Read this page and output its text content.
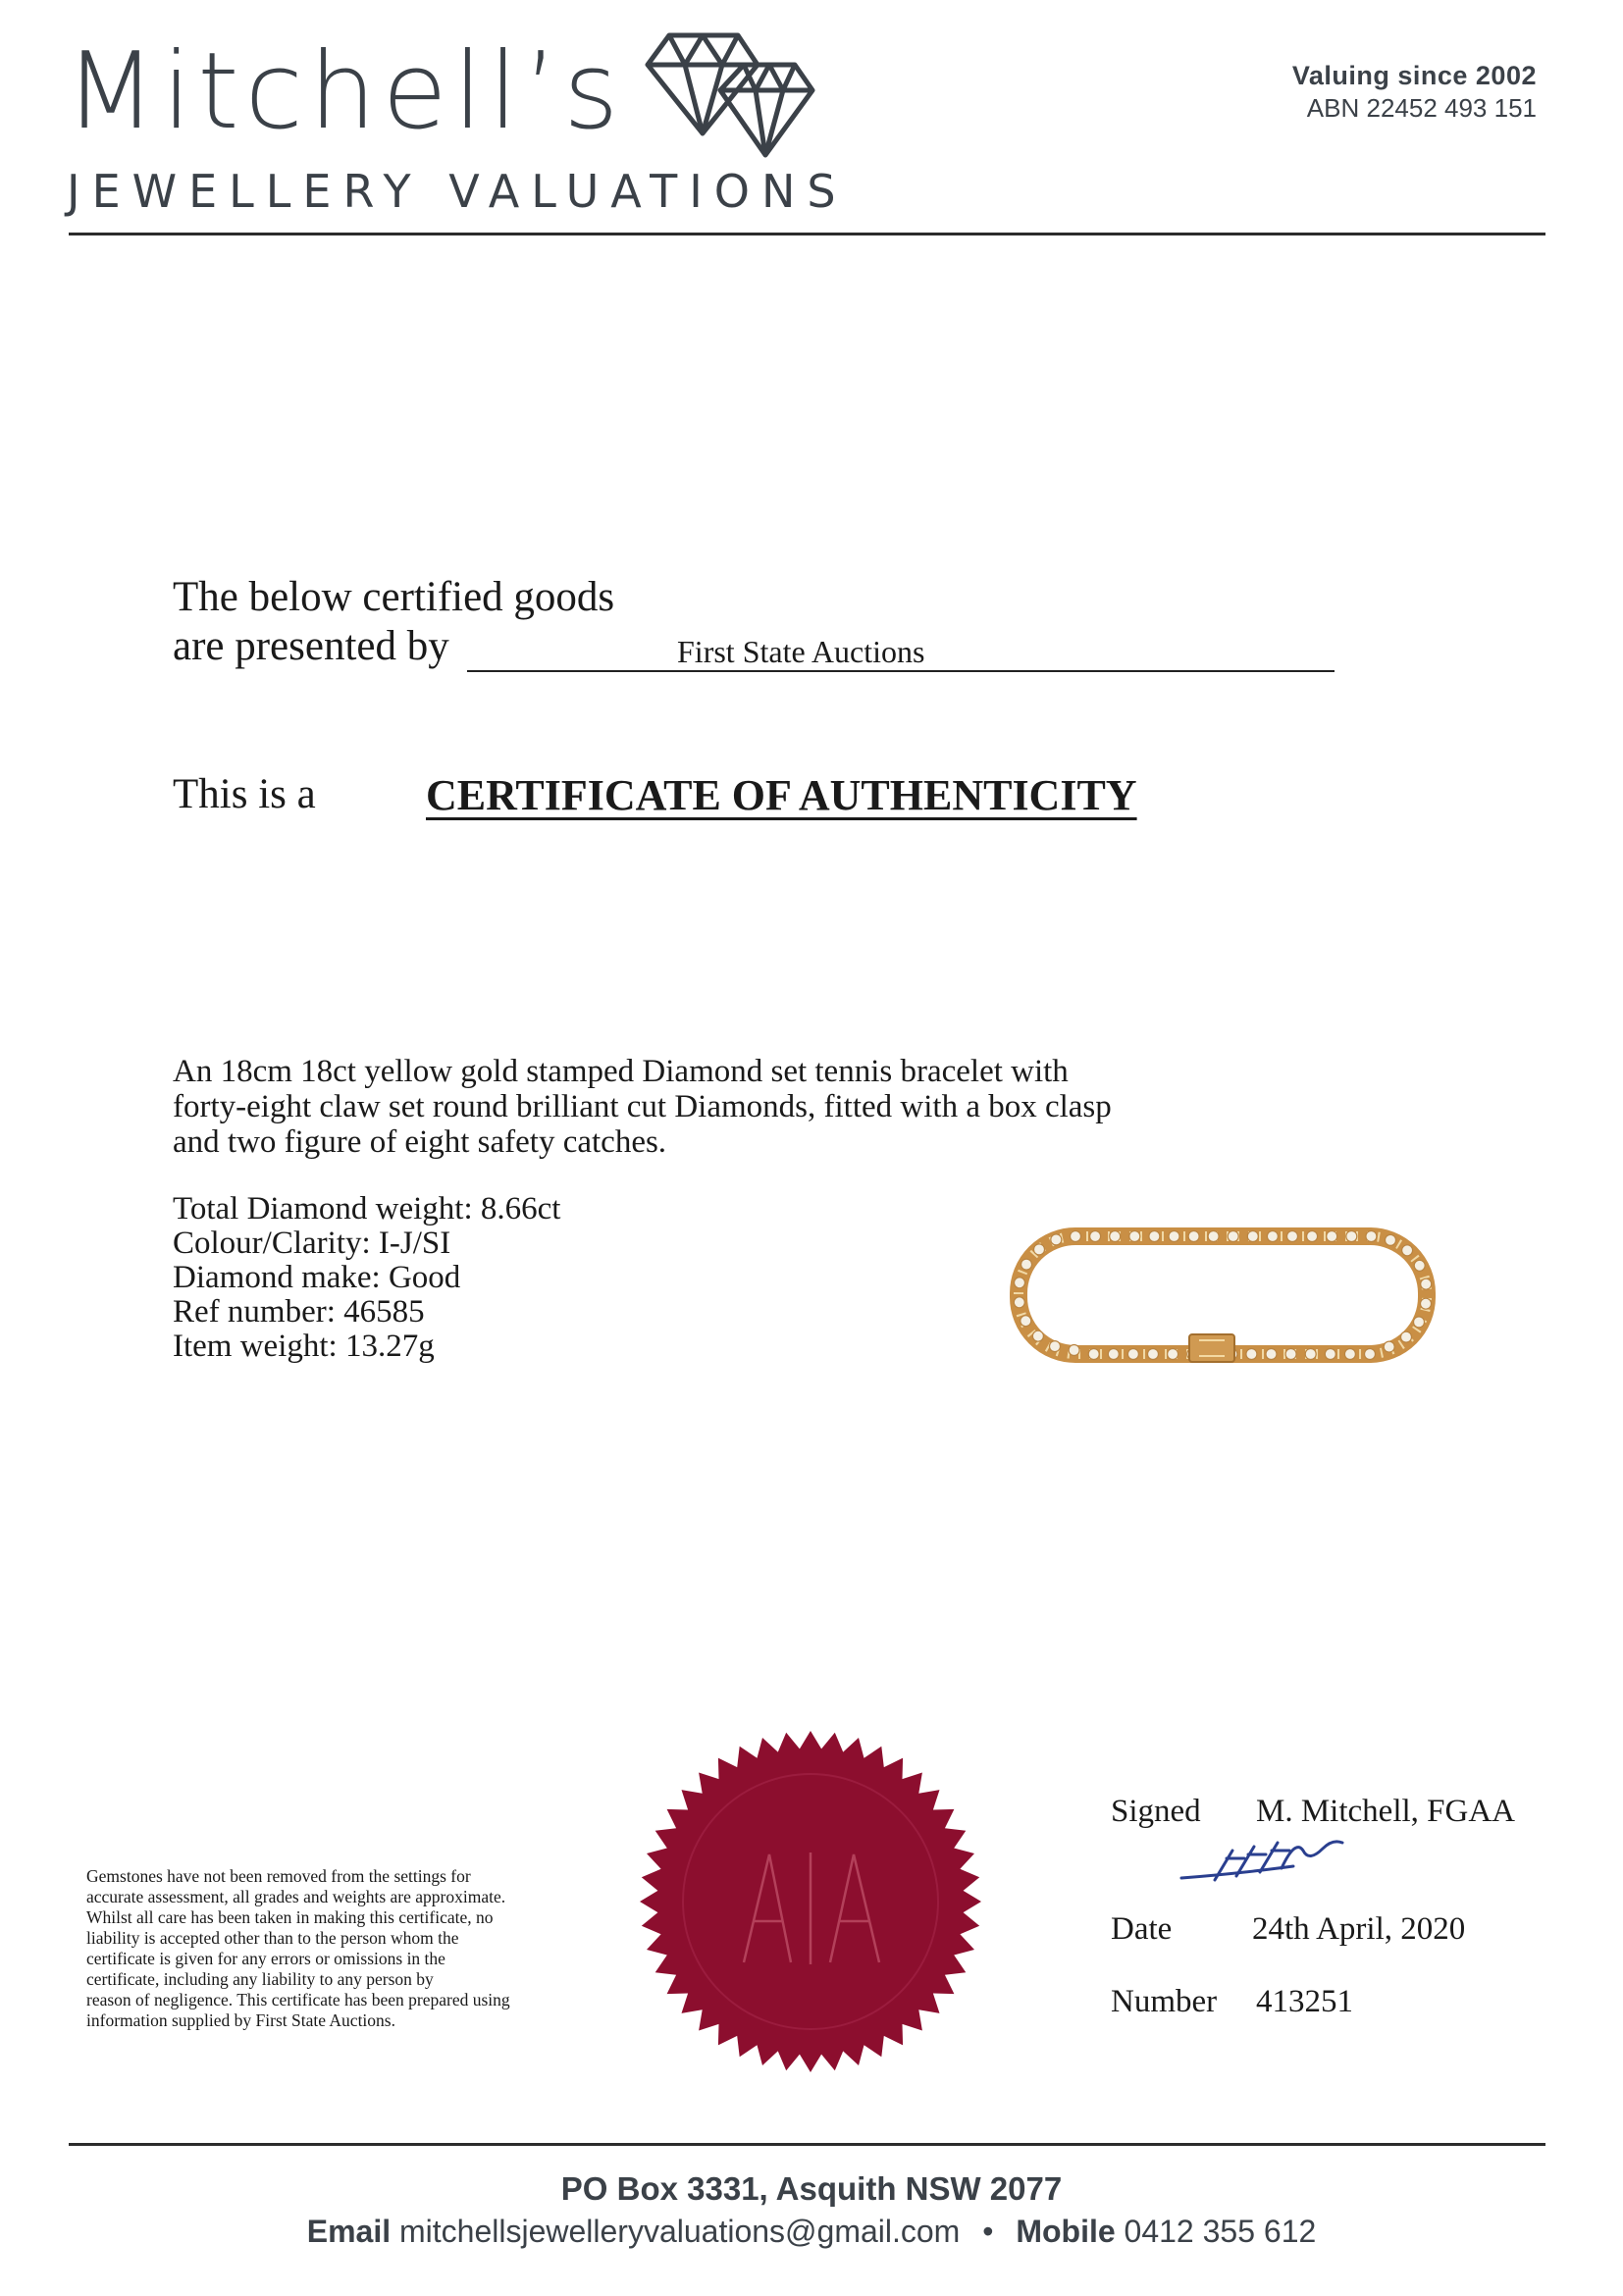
Mitchell’s
JEWELLERY VALUATIONS
Valuing since 2002
ABN 22452 493 151
The below certified goods
are presented by	First State Auctions
This is a	CERTIFICATE OF AUTHENTICITY
An 18cm 18ct yellow gold stamped Diamond set tennis bracelet with
forty-eight claw set round brilliant cut Diamonds, fitted with a box clasp
and two figure of eight safety catches.
Total Diamond weight: 8.66ct
Colour/Clarity: I-J/SI
Diamond make: Good
Ref number: 46585
Item weight: 13.27g
Gemstones have not been removed from the settings for
accurate assessment, all grades and weights are approximate.
Whilst all care has been taken in making this certificate, no
liability is accepted other than to the person whom the
certificate is given for any errors or omissions in the
certificate, including any liability to any person by
reason of negligence. This certificate has been prepared using
information supplied by First State Auctions.
Signed M. Mitchell, FGAA
Date 24th April, 2020
Number 413251
PO Box 3331, Asquith NSW 2077
Email mitchellsjewelleryvaluations@gmail.com • Mobile 0412 355 612
